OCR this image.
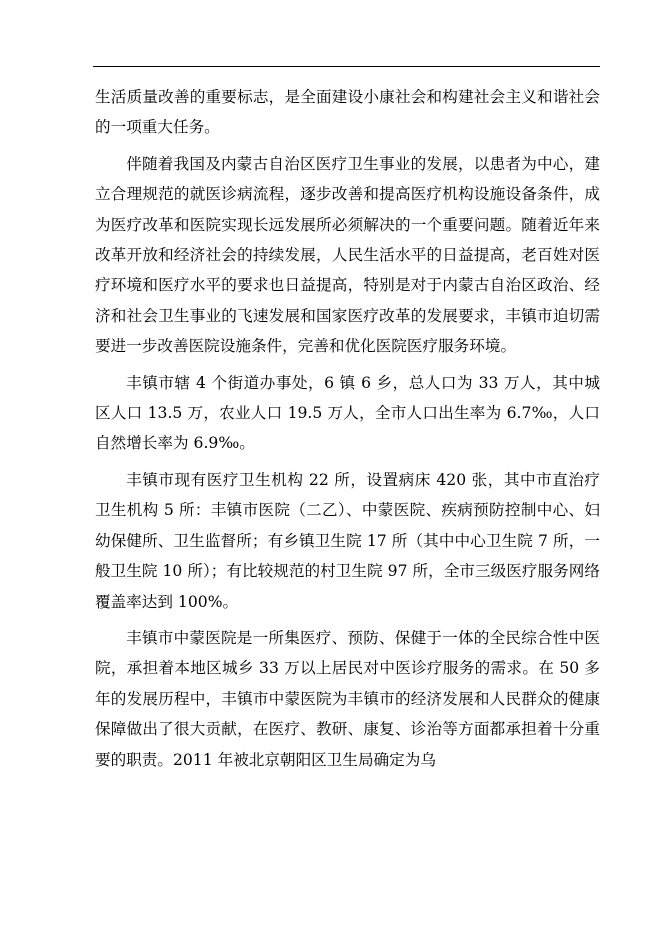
生活质量改善的重要标志，是全面建设小康社会和构建社会主义和谐社会的一项重大任务。

伴随着我国及内蒙古自治区医疗卫生事业的发展，以患者为中心，建立合理规范的就医诊病流程，逐步改善和提高医疗机构设施设备条件，成为医疗改革和医院实现长远发展所必须解决的一个重要问题。随着近年来改革开放和经济社会的持续发展，人民生活水平的日益提高，老百姓对医疗环境和医疗水平的要求也日益提高，特别是对于内蒙古自治区政治、经济和社会卫生事业的飞速发展和国家医疗改革的发展要求，丰镇市迫切需要进一步改善医院设施条件，完善和优化医院医疗服务环境。

丰镇市辖 4 个街道办事处，6 镇 6 乡，总人口为 33 万人，其中城区人口 13.5 万，农业人口 19.5 万人，全市人口出生率为 6.7‰，人口自然增长率为 6.9‰。

丰镇市现有医疗卫生机构 22 所，设置病床 420 张，其中市直治疗卫生机构 5 所：丰镇市医院（二乙）、中蒙医院、疾病预防控制中心、妇幼保健所、卫生监督所；有乡镇卫生院 17 所（其中中心卫生院 7 所，一般卫生院 10 所）；有比较规范的村卫生院 97 所，全市三级医疗服务网络覆盖率达到 100%。

丰镇市中蒙医院是一所集医疗、预防、保健于一体的全民综合性中医院，承担着本地区城乡 33 万以上居民对中医诊疗服务的需求。在 50 多年的发展历程中，丰镇市中蒙医院为丰镇市的经济发展和人民群众的健康保障做出了很大贡献，在医疗、教研、康复、诊治等方面都承担着十分重要的职责。2011 年被北京朝阳区卫生局确定为乌
